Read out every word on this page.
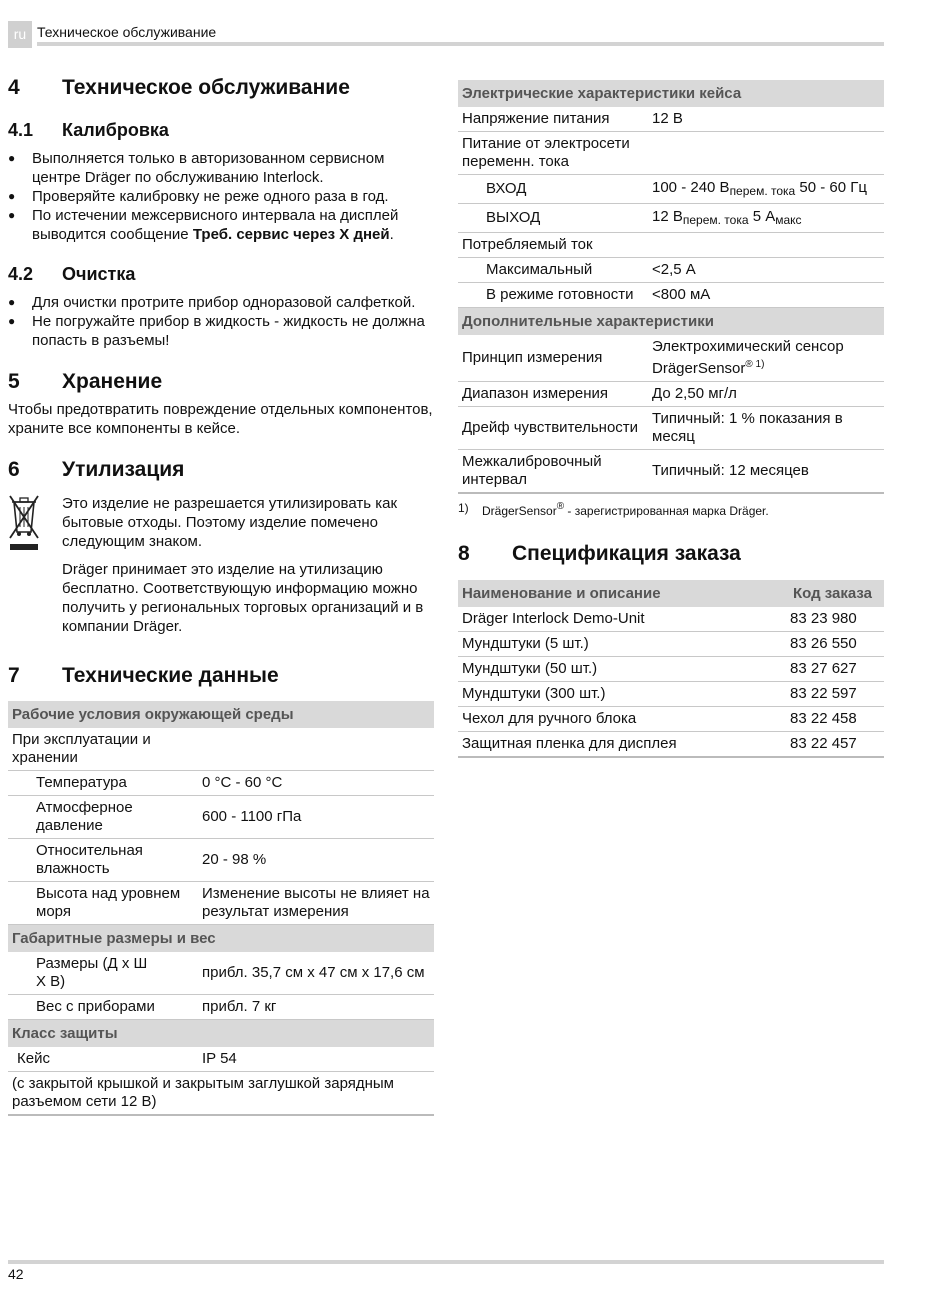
ru Техническое обслуживание
4	Техническое обслуживание
4.1	Калибровка
● Выполняется только в авторизованном сервисном центре Dräger по обслуживанию Interlock.
● Проверяйте калибровку не реже одного раза в год.
● По истечении межсервисного интервала на дисплей выводится сообщение Треб. сервис через X дней.
4.2	Очистка
● Для очистки протрите прибор одноразовой салфеткой.
● Не погружайте прибор в жидкость - жидкость не должна попасть в разъемы!
5	Хранение

Чтобы предотвратить повреждение отдельных компонентов, храните все компоненты в кейсе.

6	Утилизация

Это изделие не разрешается утилизировать как бытовые отходы. Поэтому изделие помечено следующим знаком.

Dräger принимает это изделие на утилизацию бесплатно. Соответствующую информацию можно получить у региональных торговых организаций и в компании Dräger.

7	Технические данные
Рабочие условия окружающей среды	
При эксплуатации и хранении	
Температура	0 °C - 60 °C
Атмосферное давление	600 - 1100 гПа
Относительная влажность	20 - 98 %
Высота над уровнем моря	Изменение высоты не влияет на результат измерения
Габаритные размеры и вес	
Размеры (Д x Ш X В)	прибл. 35,7 см x 47 см x 17,6 см
Вес с приборами	прибл. 7 кг
Класс защиты	
Кейс	IP 54
(с закрытой крышкой и закрытым заглушкой зарядным разъемом сети 12 В)	
Электрические характеристики кейса	
Напряжение питания	12 В
Питание от электросети переменн. тока	
ВХОД	100 - 240 $В_{перем. тока}$ 50 - 60 Гц
ВЫХОД	12 $В_{перем. тока}$ 5 $А_{макс}$
Потребляемый ток	
Максимальный	<2,5 А
В режиме готовности	<800 мА
Дополнительные характеристики	
Принцип измерения	Электрохимический сенсор
DrägerSensor$^{® 1)}$
Диапазон измерения	До 2,50 мг/л
Дрейф чувствительности	Типичный: 1 % показания в месяц
Межкалибровочный интервал	Типичный: 12 месяцев
1)	DrägerSensor® - зарегистрированная марка Dräger.
8	Спецификация заказа
Наименование и описание	Код заказа
Dräger Interlock Demo-Unit	83 23 980
Мундштуки (5 шт.)	83 26 550
Мундштуки (50 шт.)	83 27 627
Мундштуки (300 шт.)	83 22 597
Чехол для ручного блока	83 22 458
Защитная пленка для дисплея	83 22 457
42
